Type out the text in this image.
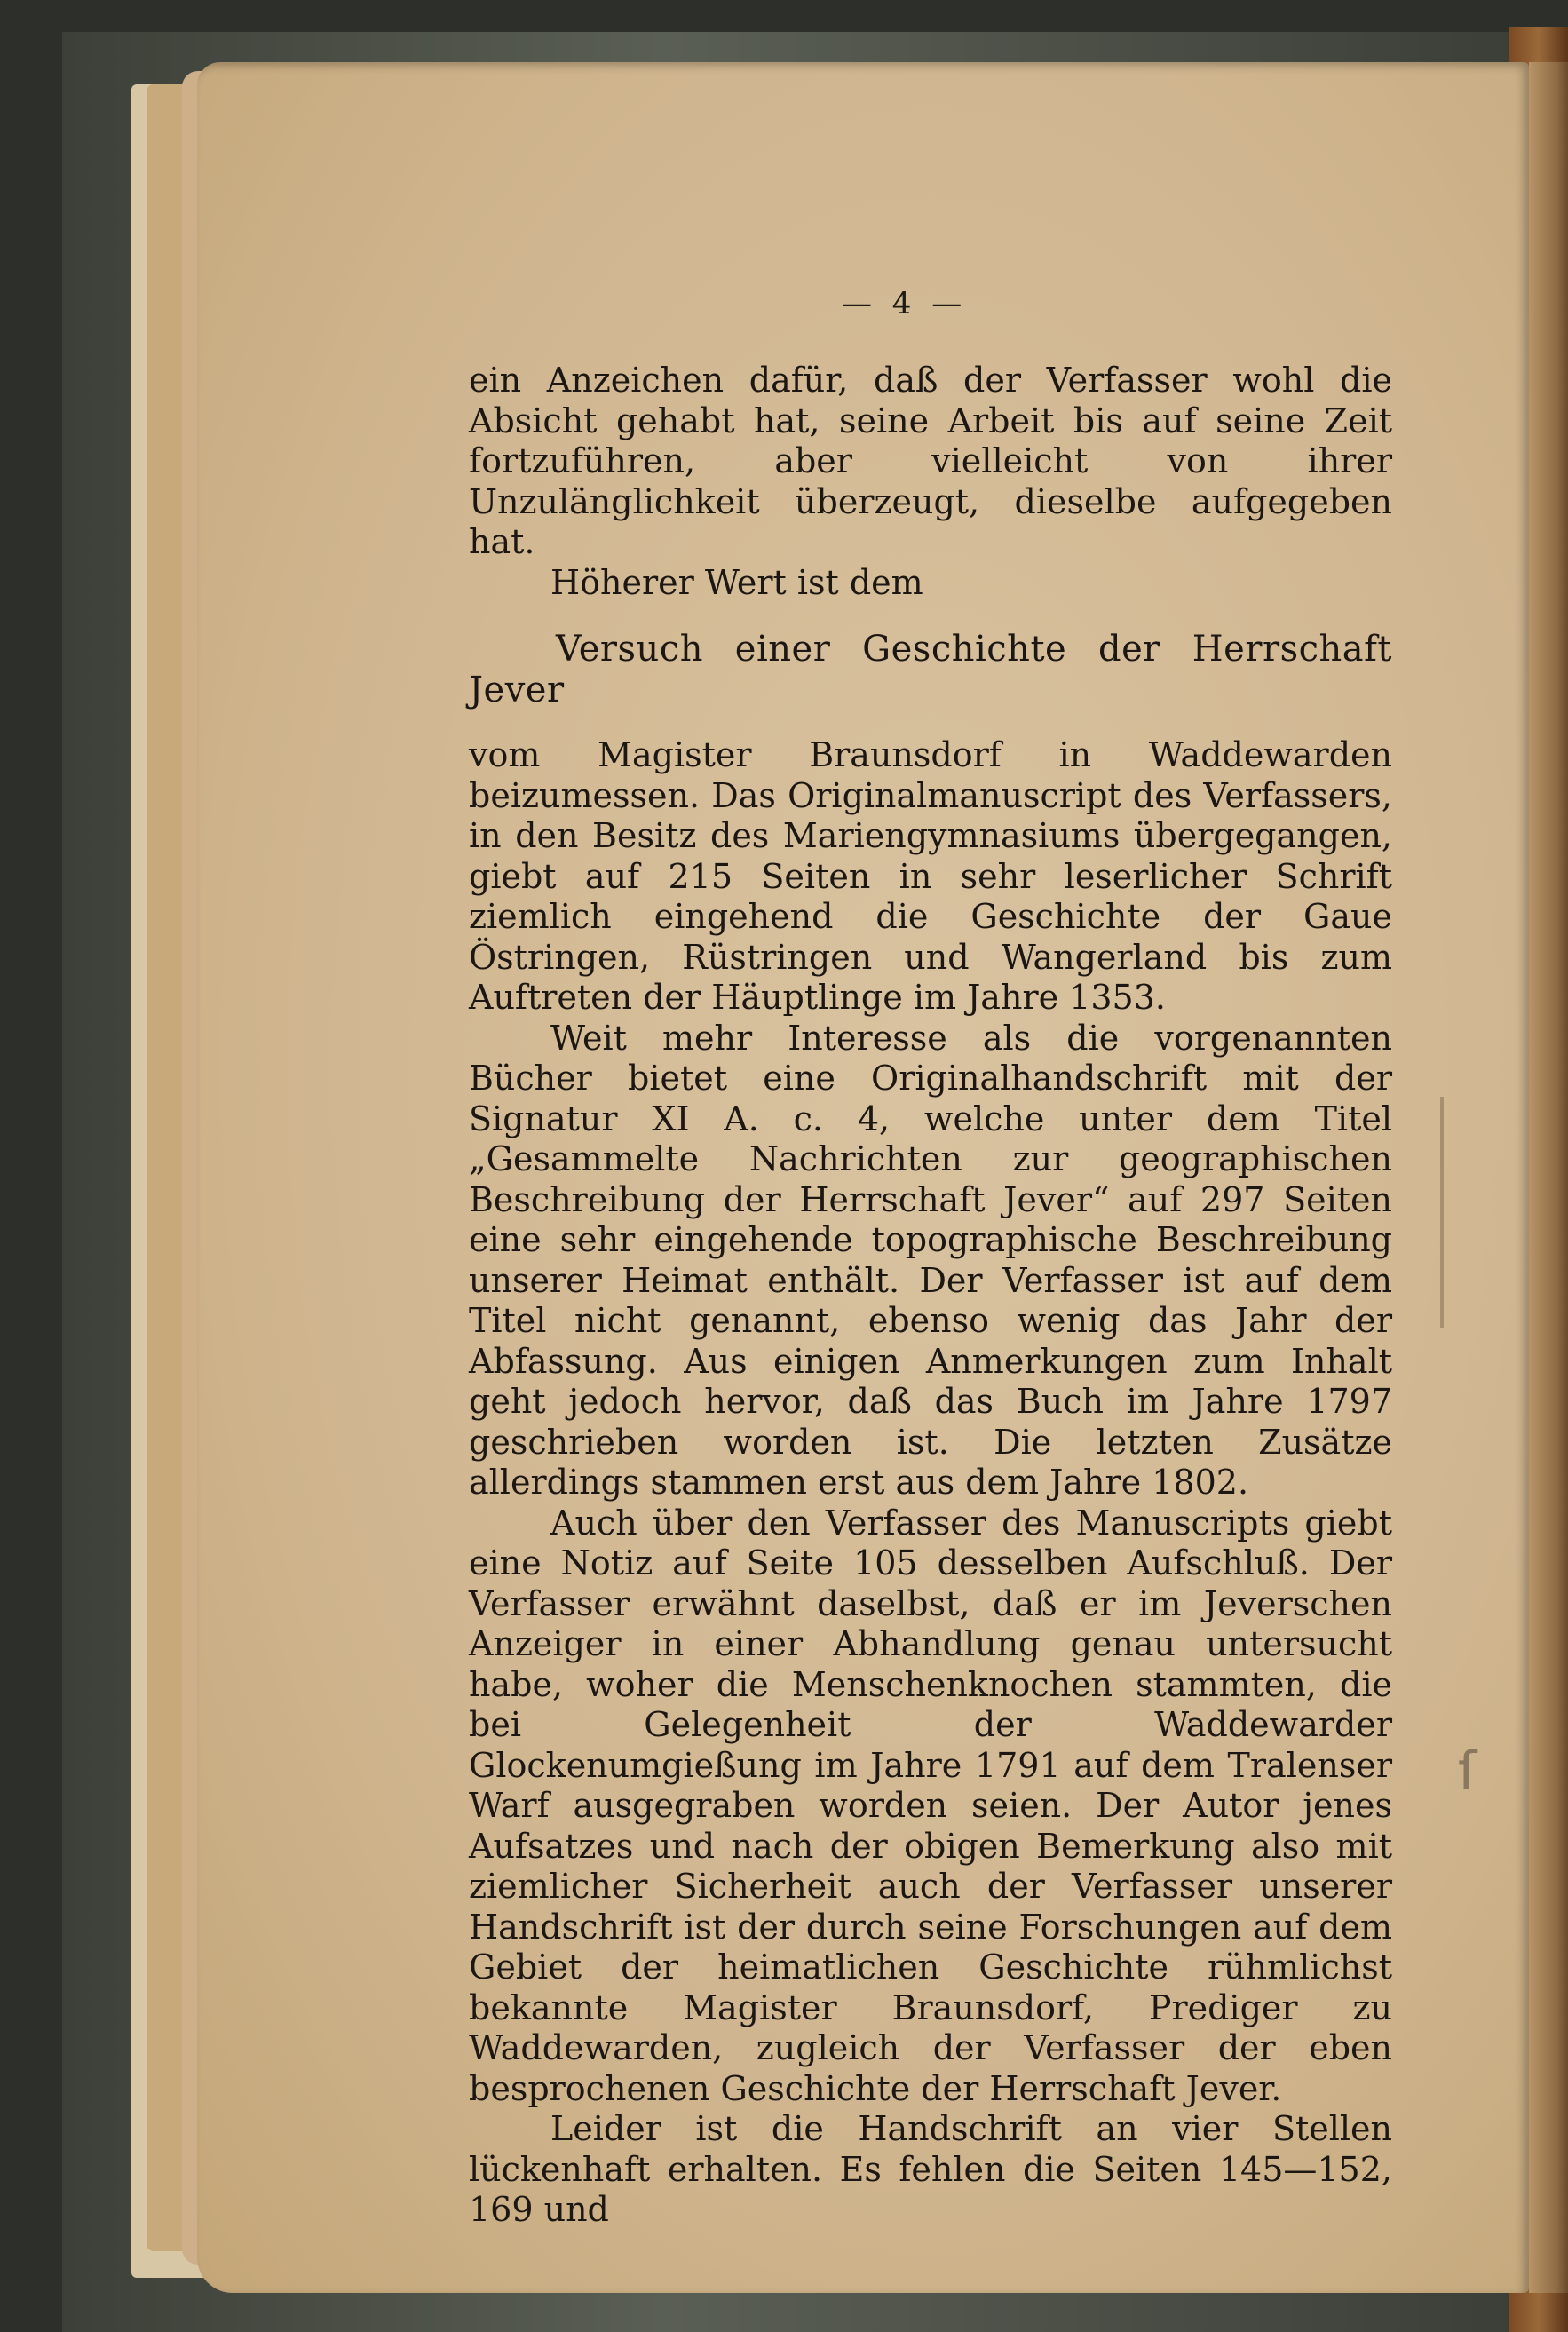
— 4 —

ein Anzeichen dafür, daß der Verfasser wohl die Absicht gehabt hat, seine Arbeit bis auf seine Zeit fortzuführen, aber vielleicht von ihrer Unzulänglichkeit überzeugt, dieselbe aufgegeben hat.

Höherer Wert ist dem

Versuch einer Geschichte der Herrschaft Jever

vom Magister Braunsdorf in Waddewarden beizumessen. Das Originalmanuscript des Verfassers, in den Besitz des Mariengymnasiums übergegangen, giebt auf 215 Seiten in sehr leserlicher Schrift ziemlich eingehend die Geschichte der Gaue Östringen, Rüstringen und Wangerland bis zum Auftreten der Häuptlinge im Jahre 1353.

Weit mehr Interesse als die vorgenannten Bücher bietet eine Originalhandschrift mit der Signatur XI A. c. 4, welche unter dem Titel „Gesammelte Nachrichten zur geographischen Beschreibung der Herrschaft Jever“ auf 297 Seiten eine sehr eingehende topographische Beschreibung unserer Heimat enthält. Der Verfasser ist auf dem Titel nicht genannt, ebenso wenig das Jahr der Abfassung. Aus einigen Anmerkungen zum Inhalt geht jedoch hervor, daß das Buch im Jahre 1797 geschrieben worden ist. Die letzten Zusätze allerdings stammen erst aus dem Jahre 1802.

Auch über den Verfasser des Manuscripts giebt eine Notiz auf Seite 105 desselben Aufschluß. Der Verfasser erwähnt daselbst, daß er im Jeverschen Anzeiger in einer Abhandlung genau untersucht habe, woher die Menschenknochen stammten, die bei Gelegenheit der Waddewarder Glockenumgießung im Jahre 1791 auf dem Tralenser Warf ausgegraben worden seien. Der Autor jenes Aufsatzes und nach der obigen Bemerkung also mit ziemlicher Sicherheit auch der Verfasser unserer Handschrift ist der durch seine Forschungen auf dem Gebiet der heimatlichen Geschichte rühmlichst bekannte Magister Braunsdorf, Prediger zu Waddewarden, zugleich der Verfasser der eben besprochenen Geschichte der Herrschaft Jever.

Leider ist die Handschrift an vier Stellen lückenhaft erhalten. Es fehlen die Seiten 145—152, 169 und

ſ
